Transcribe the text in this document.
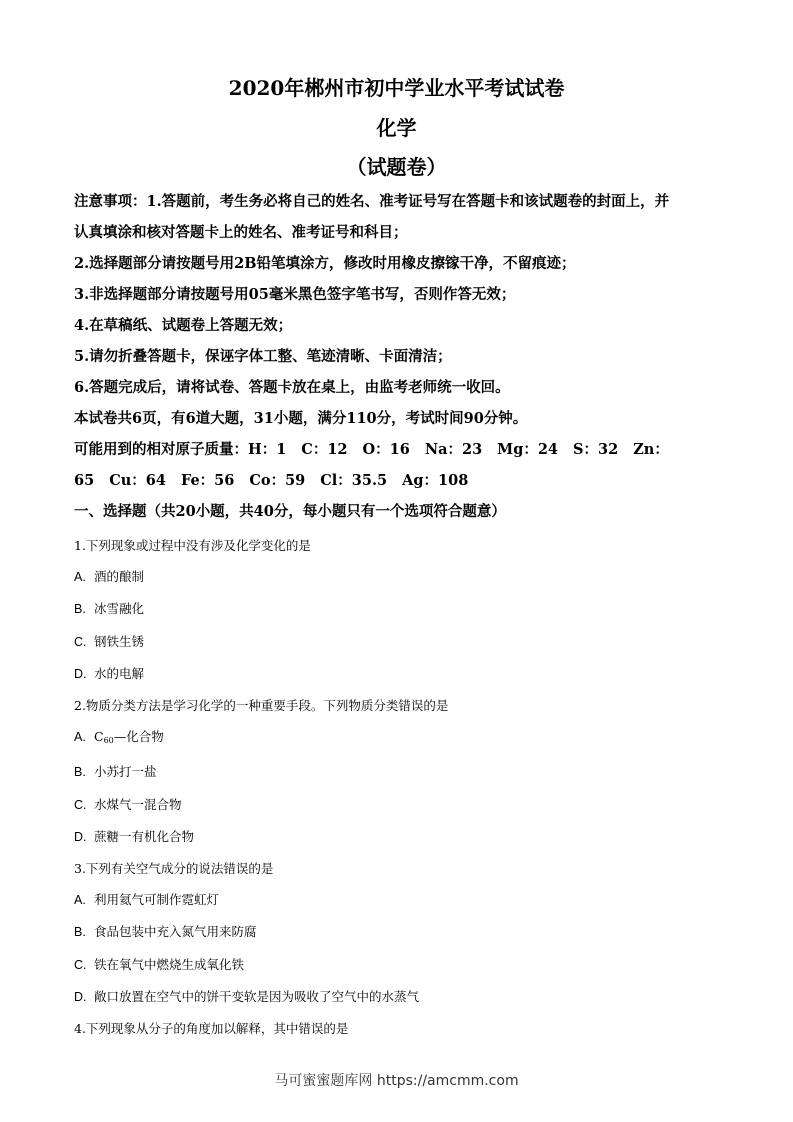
2020年郴州市初中学业水平考试试卷
化学
（试题卷）
注意事项：1.答题前，考生务必将自己的姓名、准考证号写在答题卡和该试题卷的封面上，并
认真填涂和核对答题卡上的姓名、准考证号和科目；
2.选择题部分请按题号用2B铅笔填涂方，修改时用橡皮擦镓干净，不留痕迹；
3.非选择题部分请按题号用05毫米黑色签字笔书写，否则作答无效；
4.在草稿纸、试题卷上答题无效；
5.请勿折叠答题卡，保诬字体工整、笔迹清晰、卡面清洁；
6.答题完成后，请将试卷、答题卡放在桌上，由监考老师统一收回。
本试卷共6页，有6道大题，31小题，满分110分，考试时间90分钟。
可能用到的相对原子质量：H：1 C：12 O：16 Na：23 Mg：24 S：32 Zn：
65 Cu：64 Fe：56 Co：59 Cl：35.5 Ag：108
一、选择题（共20小题，共40分，每小题只有一个选项符合题意）
1.下列现象或过程中没有涉及化学变化的是
A. 酒的酿制
B. 冰雪融化
C. 钢铁生锈
D. 水的电解
2.物质分类方法是学习化学的一种重要手段。下列物质分类错误的是
A. $C_{60}—$化合物
B. 小苏打一盐
C. 水煤气一混合物
D. 蔗糖一有机化合物
3.下列有关空气成分的说法错误的是
A. 利用氦气可制作霓虹灯
B. 食品包装中充入氮气用来防腐
C. 铁在氧气中燃烧生成氧化铁
D. 敞口放置在空气中的饼干变软是因为吸收了空气中的水蒸气
4.下列现象从分子的角度加以解释，其中错误的是
马可蜜蜜题库网 https://amcmm.com
